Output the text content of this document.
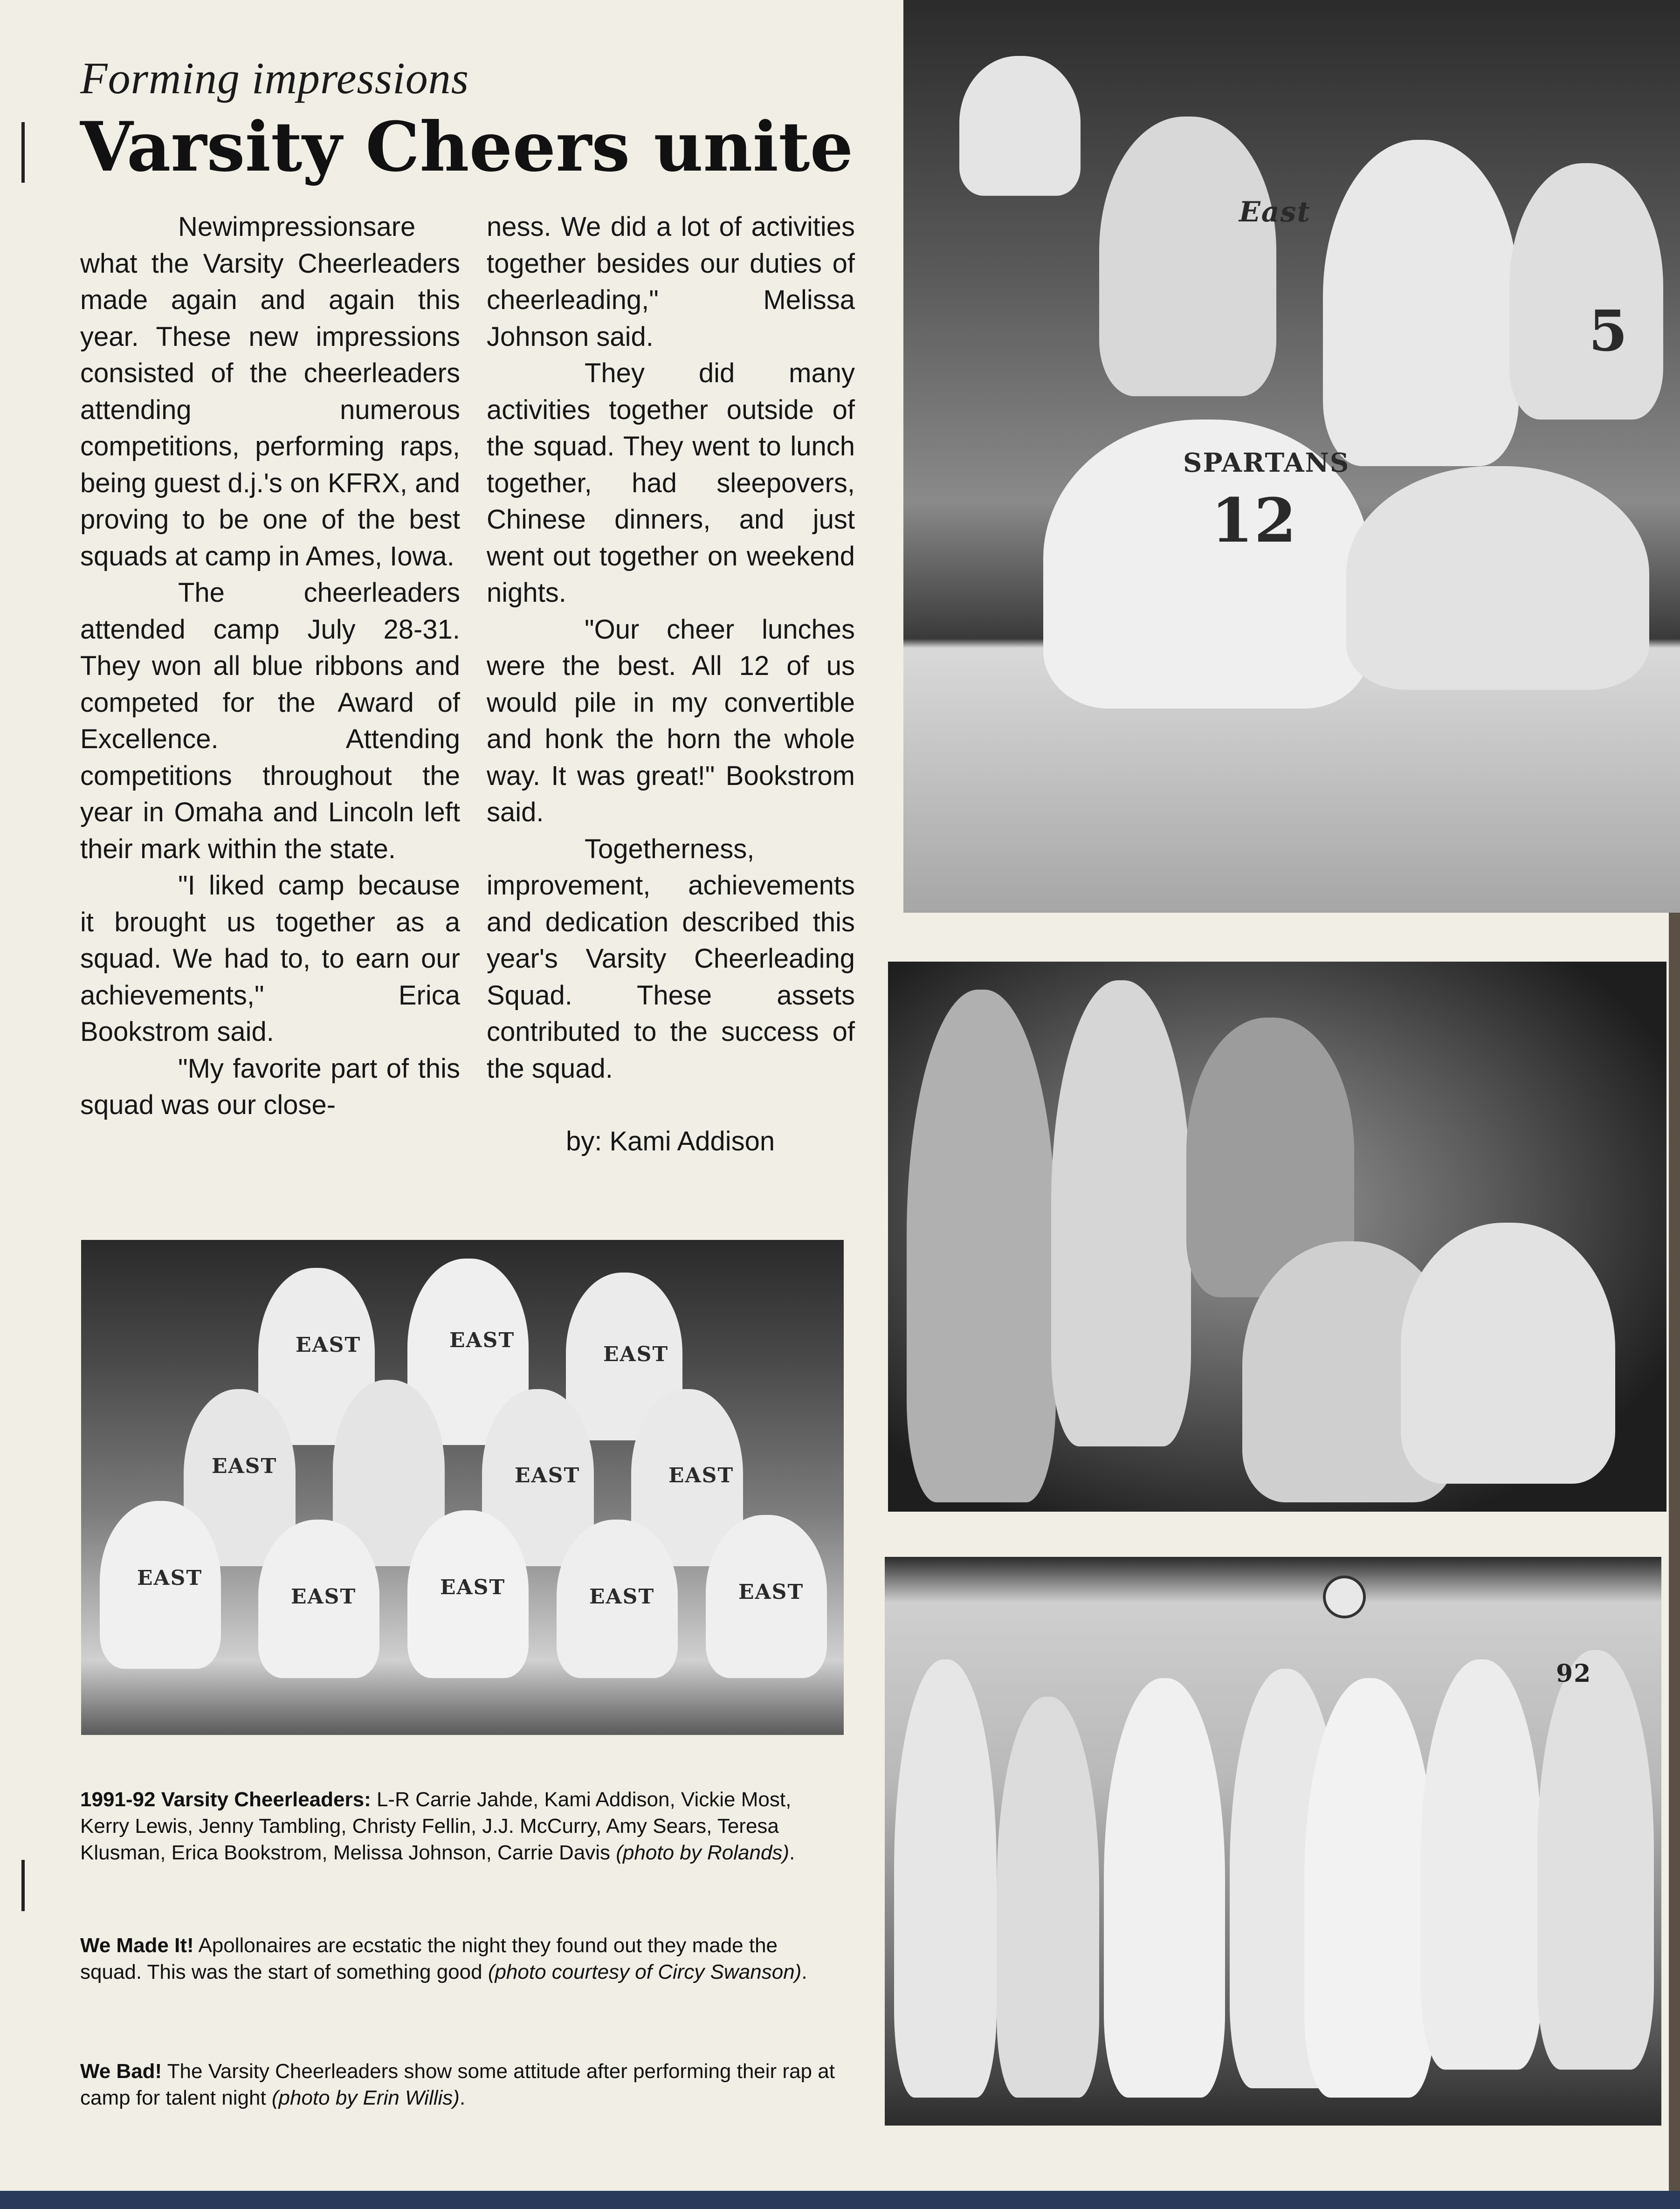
Forming impressions
Varsity Cheers unite

Newimpressionsare what the Varsity Cheerleaders made again and again this year. These new impressions consisted of the cheerleaders attending numerous competitions, performing raps, being guest d.j.'s on KFRX, and proving to be one of the best squads at camp in Ames, Iowa.

The cheerleaders attended camp July 28-31. They won all blue ribbons and competed for the Award of Excellence. Attending competitions throughout the year in Omaha and Lincoln left their mark within the state.

"I liked camp because it brought us together as a squad. We had to, to earn our achievements," Erica Bookstrom said.

"My favorite part of this squad was our close-

ness. We did a lot of activities together besides our duties of cheerleading," Melissa Johnson said.

They did many activities together outside of the squad. They went to lunch together, had sleepovers, Chinese dinners, and just went out together on weekend nights.

"Our cheer lunches were the best. All 12 of us would pile in my convertible and honk the horn the whole way. It was great!" Bookstrom said.

Togetherness, improvement, achievements and dedication described this year's Varsity Cheerleading Squad. These assets contributed to the success of the squad.

by: Kami Addison

SPARTANS
12
5
East
92
EAST	EAST
EAST
EAST	EAST	EAST
EAST
EAST	EAST	EAST	EAST
1991-92 Varsity Cheerleaders: L-R Carrie Jahde, Kami Addison, Vickie Most, Kerry Lewis, Jenny Tambling, Christy Fellin, J.J. McCurry, Amy Sears, Teresa Klusman, Erica Bookstrom, Melissa Johnson, Carrie Davis (photo by Rolands).
We Made It! Apollonaires are ecstatic the night they found out they made the squad. This was the start of something good (photo courtesy of Circy Swanson).
We Bad! The Varsity Cheerleaders show some attitude after performing their rap at camp for talent night (photo by Erin Willis).
